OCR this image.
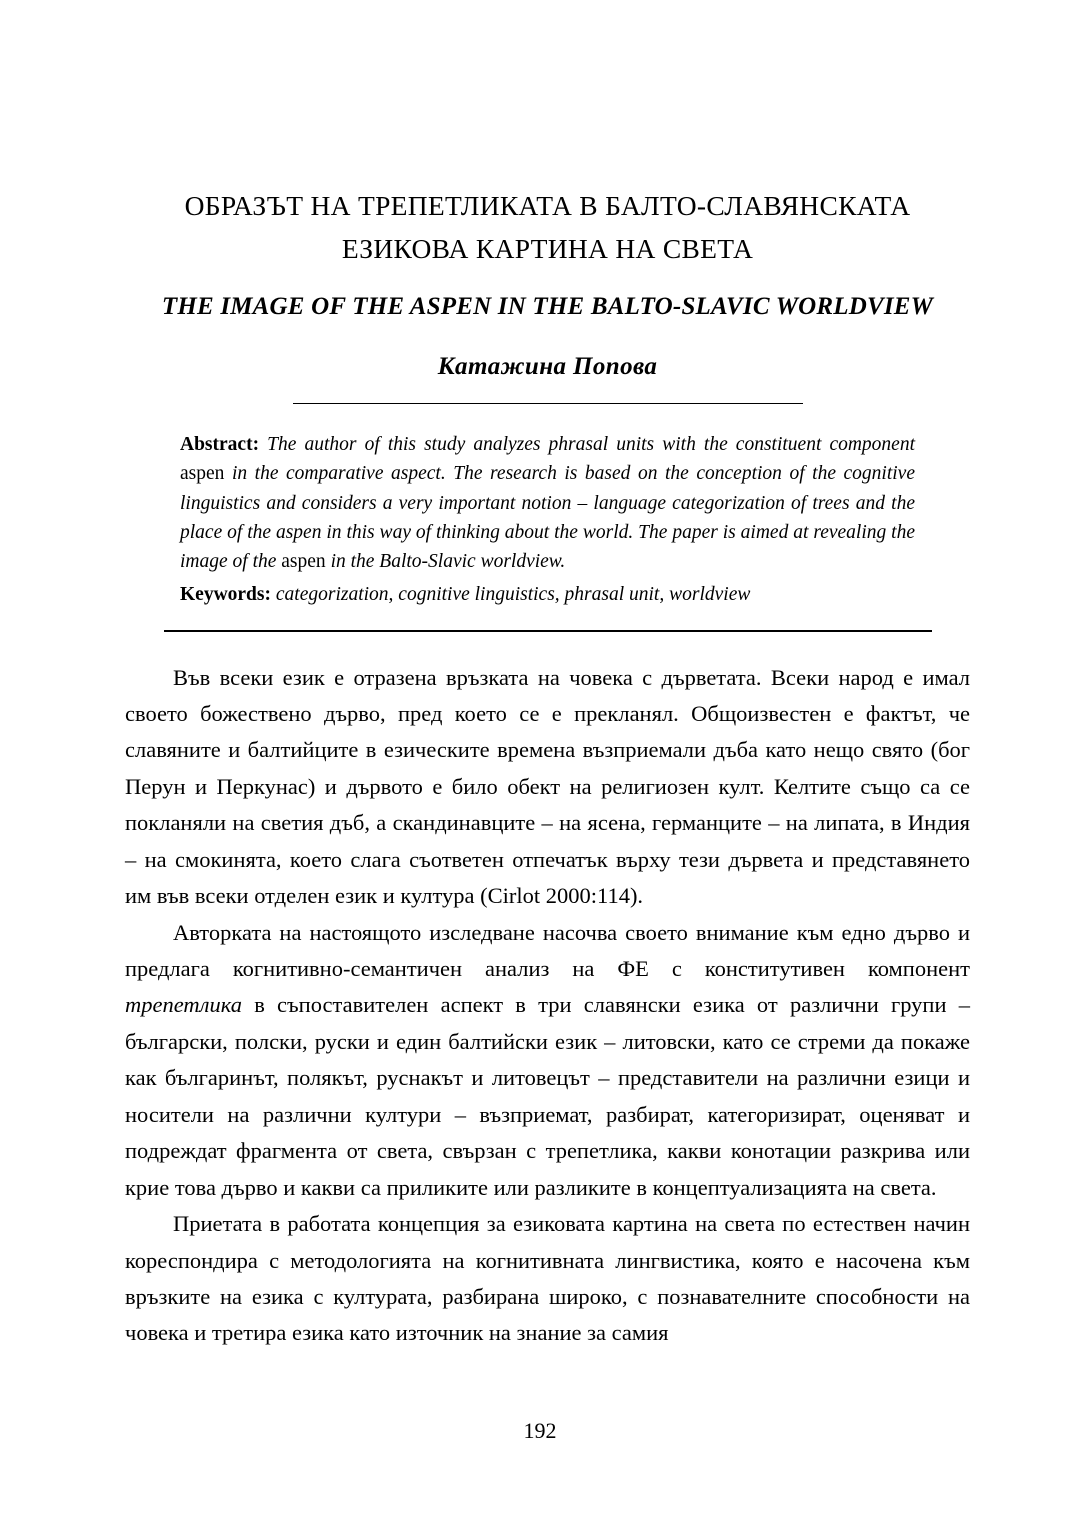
ОБРАЗЪТ НА ТРЕПЕТЛИКАТА В БАЛТО-СЛАВЯНСКАТА ЕЗИКОВА КАРТИНА НА СВЕТА
THE IMAGE OF THE ASPEN IN THE BALTO-SLAVIC WORLDVIEW
Катажина Попова
Abstract: The author of this study analyzes phrasal units with the constituent component aspen in the comparative aspect. The research is based on the conception of the cognitive linguistics and considers a very important notion – language categorization of trees and the place of the aspen in this way of thinking about the world. The paper is aimed at revealing the image of the aspen in the Balto-Slavic worldview.
Keywords: categorization, cognitive linguistics, phrasal unit, worldview

Във всеки език е отразена връзката на човека с дърветата. Всеки народ е имал своето божествено дърво, пред което се е прекланял. Общоизвестен е фактът, че славяните и балтийците в езическите времена възприемали дъба като нещо свято (бог Перун и Перкунас) и дървото е било обект на религиозен култ. Келтите също са се покланяли на светия дъб, а скандинавците – на ясена, германците – на липата, в Индия – на смокинята, което слага съответен отпечатък върху тези дървета и представянето им във всеки отделен език и култура (Cirlot 2000:114).

Авторката на настоящото изследване насочва своето внимание към едно дърво и предлага когнитивно-семантичен анализ на ФЕ с конститутивен компонент трепетлика в съпоставителен аспект в три славянски езика от различни групи – български, полски, руски и един балтийски език – литовски, като се стреми да покаже как българинът, полякът, руснакът и литовецът – представители на различни езици и носители на различни култури – възприемат, разбират, категоризират, оценяват и подреждат фрагмента от света, свързан с трепетлика, какви конотации разкрива или крие това дърво и какви са приликите или разликите в концептуализацията на света.

Приетата в работата концепция за езиковата картина на света по естествен начин кореспондира с методологията на когнитивната лингвистика, която е насочена към връзките на езика с културата, разбирана широко, с познавателните способности на човека и третира езика като източник на знание за самия

192
